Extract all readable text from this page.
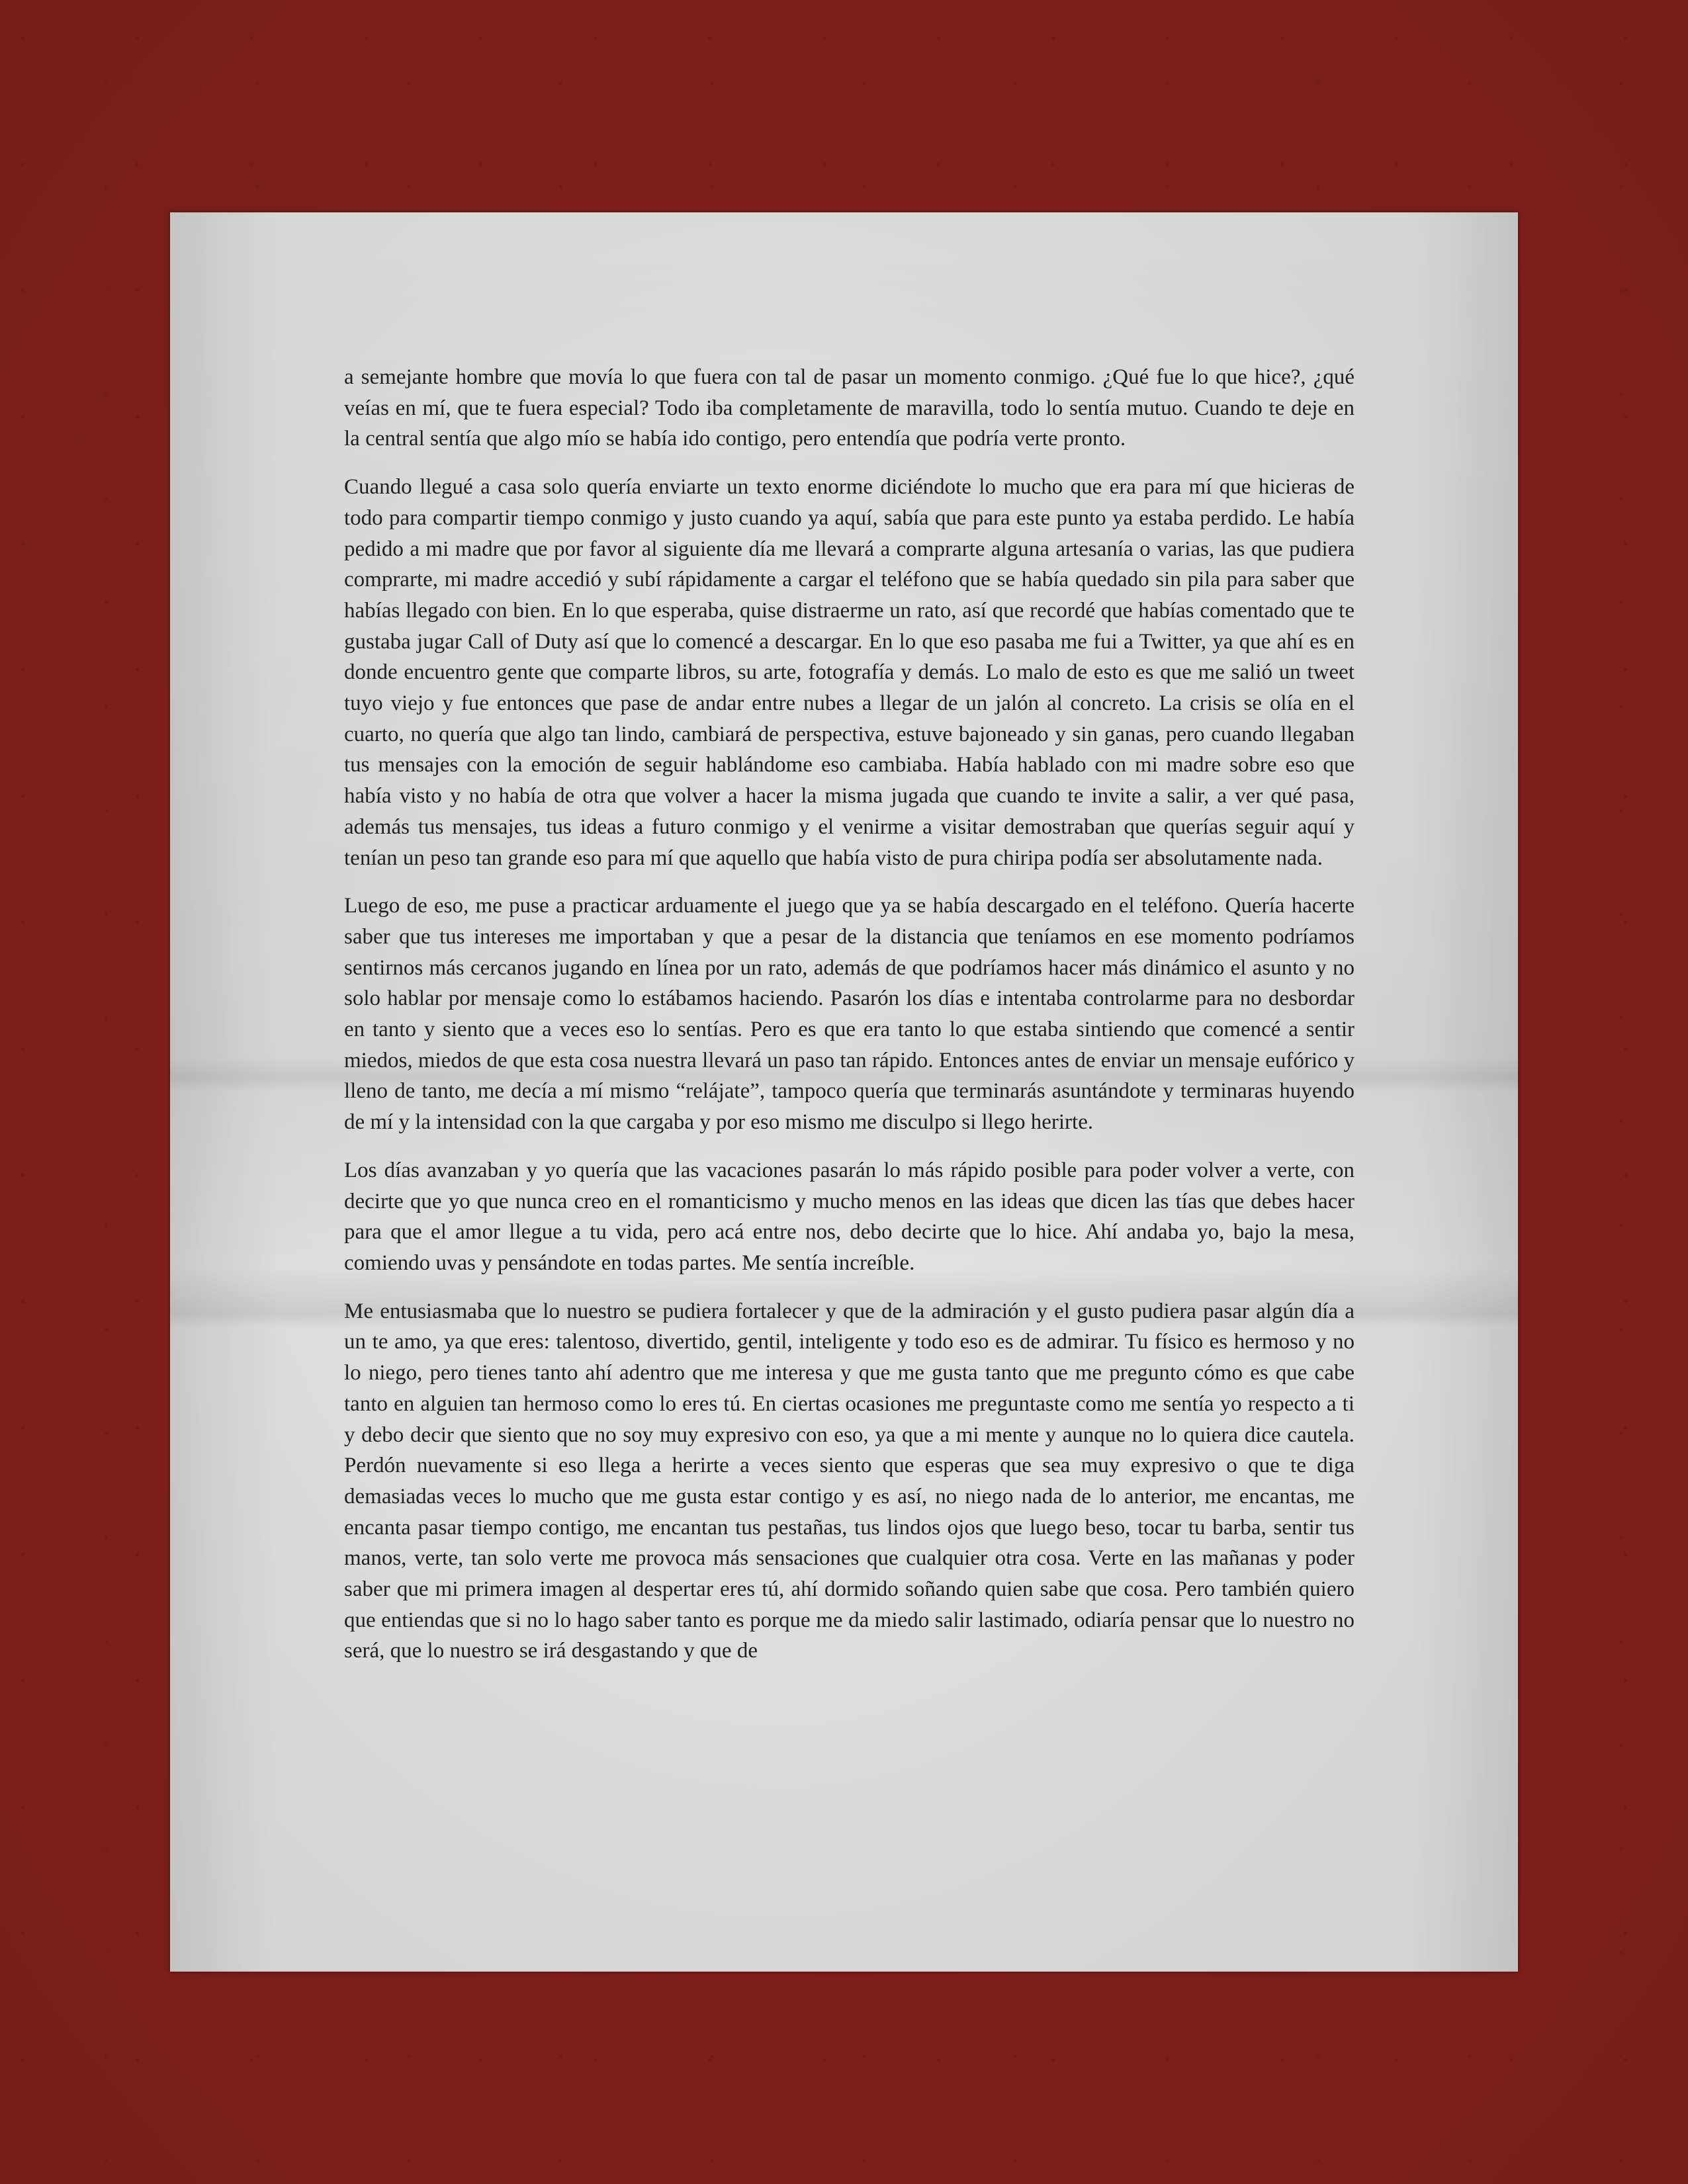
a semejante hombre que movía lo que fuera con tal de pasar un momento conmigo. ¿Qué fue lo que hice?, ¿qué veías en mí, que te fuera especial? Todo iba completamente de maravilla, todo lo sentía mutuo. Cuando te deje en la central sentía que algo mío se había ido contigo, pero entendía que podría verte pronto.

Cuando llegué a casa solo quería enviarte un texto enorme diciéndote lo mucho que era para mí que hicieras de todo para compartir tiempo conmigo y justo cuando ya aquí, sabía que para este punto ya estaba perdido. Le había pedido a mi madre que por favor al siguiente día me llevará a comprarte alguna artesanía o varias, las que pudiera comprarte, mi madre accedió y subí rápidamente a cargar el teléfono que se había quedado sin pila para saber que habías llegado con bien. En lo que esperaba, quise distraerme un rato, así que recordé que habías comentado que te gustaba jugar Call of Duty así que lo comencé a descargar. En lo que eso pasaba me fui a Twitter, ya que ahí es en donde encuentro gente que comparte libros, su arte, fotografía y demás. Lo malo de esto es que me salió un tweet tuyo viejo y fue entonces que pase de andar entre nubes a llegar de un jalón al concreto. La crisis se olía en el cuarto, no quería que algo tan lindo, cambiará de perspectiva, estuve bajoneado y sin ganas, pero cuando llegaban tus mensajes con la emoción de seguir hablándome eso cambiaba. Había hablado con mi madre sobre eso que había visto y no había de otra que volver a hacer la misma jugada que cuando te invite a salir, a ver qué pasa, además tus mensajes, tus ideas a futuro conmigo y el venirme a visitar demostraban que querías seguir aquí y tenían un peso tan grande eso para mí que aquello que había visto de pura chiripa podía ser absolutamente nada.

Luego de eso, me puse a practicar arduamente el juego que ya se había descargado en el teléfono. Quería hacerte saber que tus intereses me importaban y que a pesar de la distancia que teníamos en ese momento podríamos sentirnos más cercanos jugando en línea por un rato, además de que podríamos hacer más dinámico el asunto y no solo hablar por mensaje como lo estábamos haciendo. Pasarón los días e intentaba controlarme para no desbordar en tanto y siento que a veces eso lo sentías. Pero es que era tanto lo que estaba sintiendo que comencé a sentir miedos, miedos de que esta cosa nuestra llevará un paso tan rápido. Entonces antes de enviar un mensaje eufórico y lleno de tanto, me decía a mí mismo “relájate”, tampoco quería que terminarás asuntándote y terminaras huyendo de mí y la intensidad con la que cargaba y por eso mismo me disculpo si llego herirte.

Los días avanzaban y yo quería que las vacaciones pasarán lo más rápido posible para poder volver a verte, con decirte que yo que nunca creo en el romanticismo y mucho menos en las ideas que dicen las tías que debes hacer para que el amor llegue a tu vida, pero acá entre nos, debo decirte que lo hice. Ahí andaba yo, bajo la mesa, comiendo uvas y pensándote en todas partes. Me sentía increíble.

Me entusiasmaba que lo nuestro se pudiera fortalecer y que de la admiración y el gusto pudiera pasar algún día a un te amo, ya que eres: talentoso, divertido, gentil, inteligente y todo eso es de admirar. Tu físico es hermoso y no lo niego, pero tienes tanto ahí adentro que me interesa y que me gusta tanto que me pregunto cómo es que cabe tanto en alguien tan hermoso como lo eres tú. En ciertas ocasiones me preguntaste como me sentía yo respecto a ti y debo decir que siento que no soy muy expresivo con eso, ya que a mi mente y aunque no lo quiera dice cautela. Perdón nuevamente si eso llega a herirte a veces siento que esperas que sea muy expresivo o que te diga demasiadas veces lo mucho que me gusta estar contigo y es así, no niego nada de lo anterior, me encantas, me encanta pasar tiempo contigo, me encantan tus pestañas, tus lindos ojos que luego beso, tocar tu barba, sentir tus manos, verte, tan solo verte me provoca más sensaciones que cualquier otra cosa. Verte en las mañanas y poder saber que mi primera imagen al despertar eres tú, ahí dormido soñando quien sabe que cosa. Pero también quiero que entiendas que si no lo hago saber tanto es porque me da miedo salir lastimado, odiaría pensar que lo nuestro no será, que lo nuestro se irá desgastando y que de
